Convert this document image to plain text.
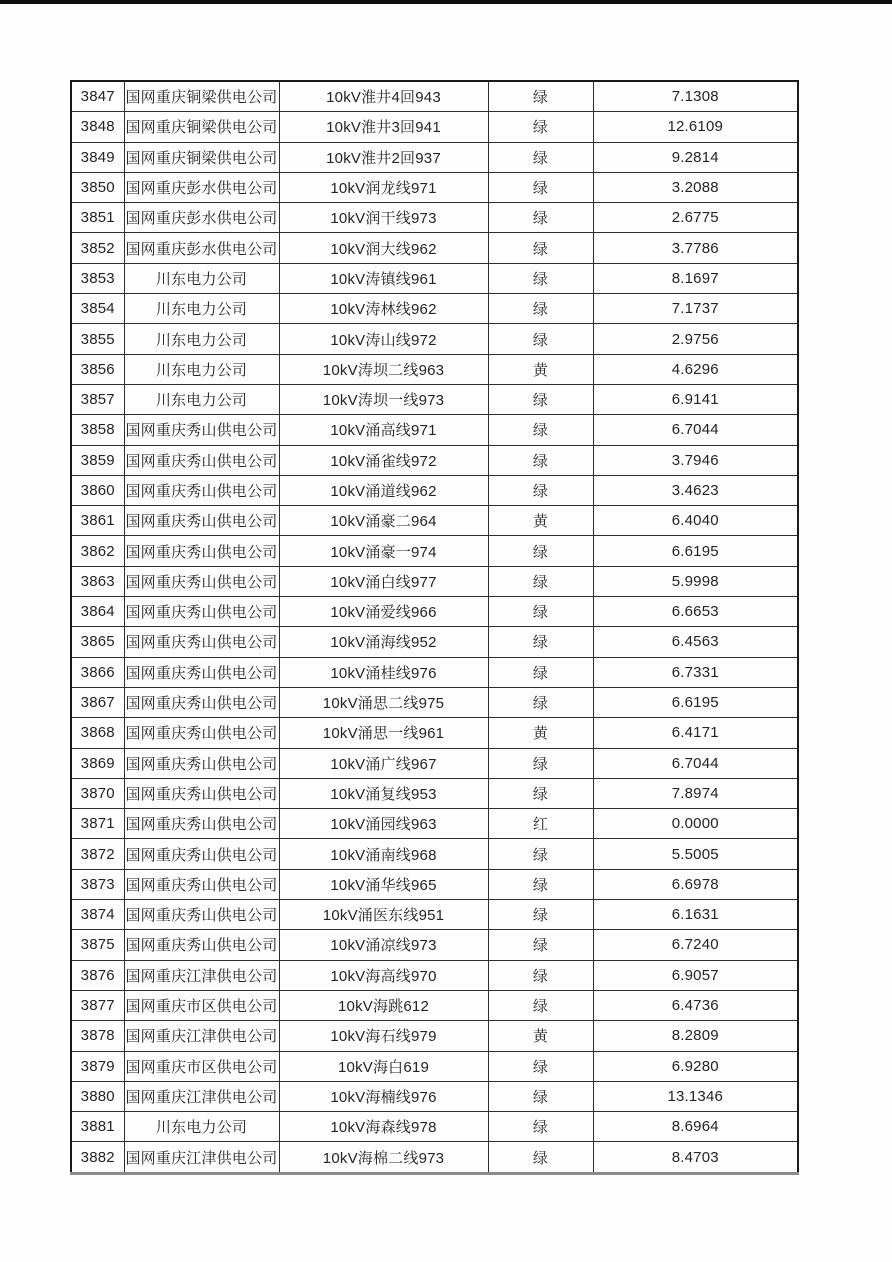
3847	国网重庆铜梁供电公司	10kV淮井4回943	绿	7.1308
3848	国网重庆铜梁供电公司	10kV淮井3回941	绿	12.6109
3849	国网重庆铜梁供电公司	10kV淮井2回937	绿	9.2814
3850	国网重庆彭水供电公司	10kV润龙线971	绿	3.2088
3851	国网重庆彭水供电公司	10kV润干线973	绿	2.6775
3852	国网重庆彭水供电公司	10kV润大线962	绿	3.7786
3853	川东电力公司	10kV涛镇线961	绿	8.1697
3854	川东电力公司	10kV涛林线962	绿	7.1737
3855	川东电力公司	10kV涛山线972	绿	2.9756
3856	川东电力公司	10kV涛坝二线963	黄	4.6296
3857	川东电力公司	10kV涛坝一线973	绿	6.9141
3858	国网重庆秀山供电公司	10kV涌高线971	绿	6.7044
3859	国网重庆秀山供电公司	10kV涌雀线972	绿	3.7946
3860	国网重庆秀山供电公司	10kV涌道线962	绿	3.4623
3861	国网重庆秀山供电公司	10kV涌豪二964	黄	6.4040
3862	国网重庆秀山供电公司	10kV涌豪一974	绿	6.6195
3863	国网重庆秀山供电公司	10kV涌白线977	绿	5.9998
3864	国网重庆秀山供电公司	10kV涌爱线966	绿	6.6653
3865	国网重庆秀山供电公司	10kV涌海线952	绿	6.4563
3866	国网重庆秀山供电公司	10kV涌桂线976	绿	6.7331
3867	国网重庆秀山供电公司	10kV涌思二线975	绿	6.6195
3868	国网重庆秀山供电公司	10kV涌思一线961	黄	6.4171
3869	国网重庆秀山供电公司	10kV涌广线967	绿	6.7044
3870	国网重庆秀山供电公司	10kV涌复线953	绿	7.8974
3871	国网重庆秀山供电公司	10kV涌园线963	红	0.0000
3872	国网重庆秀山供电公司	10kV涌南线968	绿	5.5005
3873	国网重庆秀山供电公司	10kV涌华线965	绿	6.6978
3874	国网重庆秀山供电公司	10kV涌医东线951	绿	6.1631
3875	国网重庆秀山供电公司	10kV涌凉线973	绿	6.7240
3876	国网重庆江津供电公司	10kV海高线970	绿	6.9057
3877	国网重庆市区供电公司	10kV海跳612	绿	6.4736
3878	国网重庆江津供电公司	10kV海石线979	黄	8.2809
3879	国网重庆市区供电公司	10kV海白619	绿	6.9280
3880	国网重庆江津供电公司	10kV海楠线976	绿	13.1346
3881	川东电力公司	10kV海森线978	绿	8.6964
3882	国网重庆江津供电公司	10kV海棉二线973	绿	8.4703
